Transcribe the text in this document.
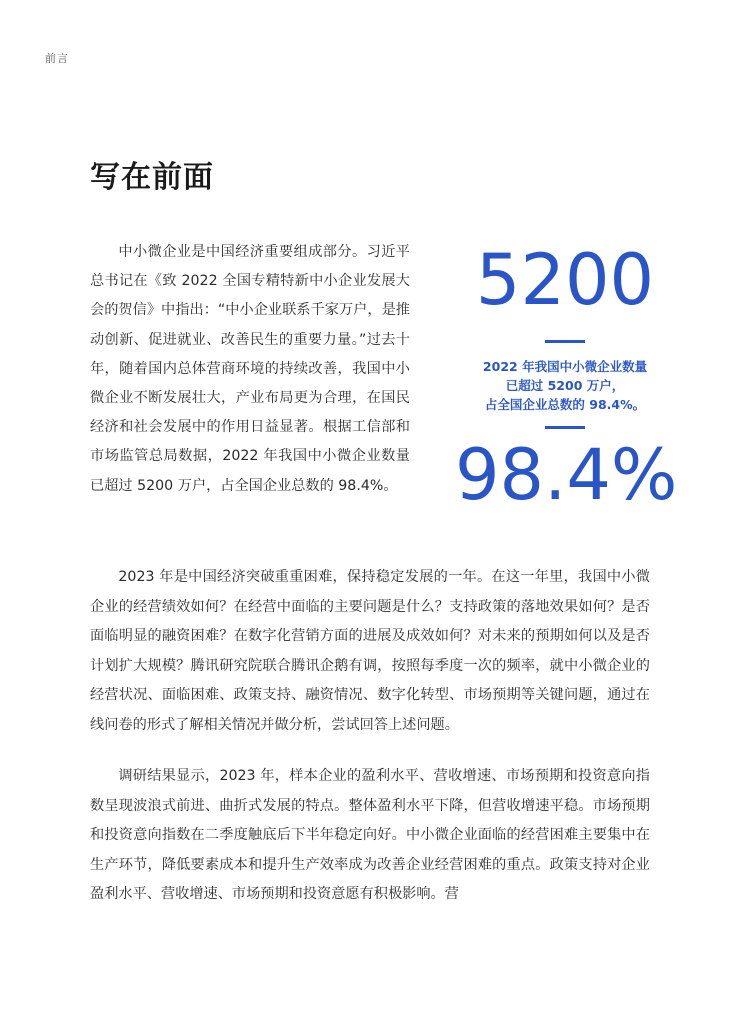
前言
写在前面

中小微企业是中国经济重要组成部分。习近平总书记在《致 2022 全国专精特新中小企业发展大会的贺信》中指出：“中小企业联系千家万户，是推动创新、促进就业、改善民生的重要力量。”过去十年，随着国内总体营商环境的持续改善，我国中小微企业不断发展壮大，产业布局更为合理，在国民经济和社会发展中的作用日益显著。根据工信部和市场监管总局数据，2022 年我国中小微企业数量已超过 5200 万户，占全国企业总数的 98.4%。

5200
2022 年我国中小微企业数量
已超过 5200 万户，
占全国企业总数的 98.4%。
98.4%

2023 年是中国经济突破重重困难，保持稳定发展的一年。在这一年里，我国中小微企业的经营绩效如何？在经营中面临的主要问题是什么？支持政策的落地效果如何？是否面临明显的融资困难？在数字化营销方面的进展及成效如何？对未来的预期如何以及是否计划扩大规模？腾讯研究院联合腾讯企鹅有调，按照每季度一次的频率，就中小微企业的经营状况、面临困难、政策支持、融资情况、数字化转型、市场预期等关键问题，通过在线问卷的形式了解相关情况并做分析，尝试回答上述问题。

调研结果显示，2023 年，样本企业的盈利水平、营收增速、市场预期和投资意向指数呈现波浪式前进、曲折式发展的特点。整体盈利水平下降，但营收增速平稳。市场预期和投资意向指数在二季度触底后下半年稳定向好。中小微企业面临的经营困难主要集中在生产环节，降低要素成本和提升生产效率成为改善企业经营困难的重点。政策支持对企业盈利水平、营收增速、市场预期和投资意愿有积极影响。营
